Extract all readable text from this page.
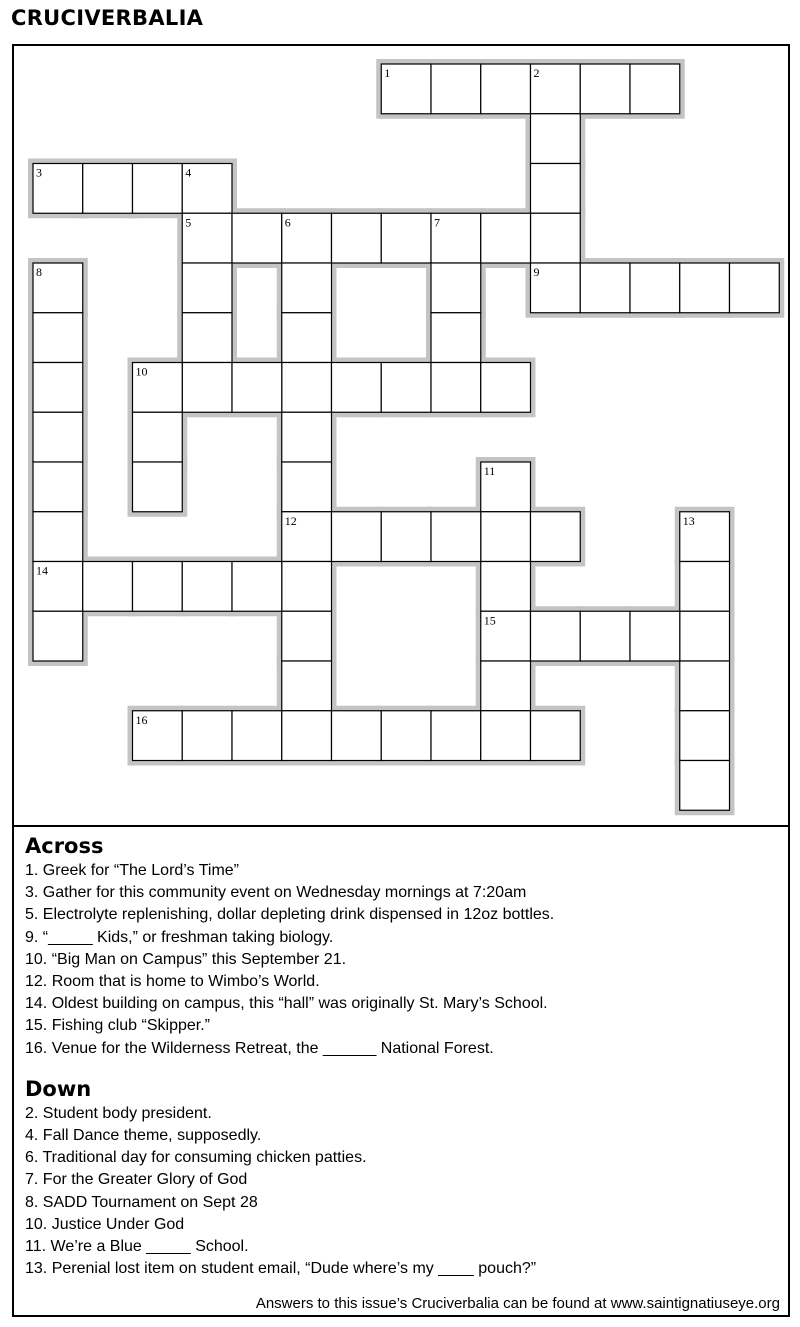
CRUCIVERBALIA
1	2
3	4
5	6	7
8	9
10
11
12	13
14
15
16
Across
1. Greek for “The Lord’s Time”
3. Gather for this community event on Wednesday mornings at 7:20am
5. Electrolyte replenishing, dollar depleting drink dispensed in 12oz bottles.
9. “_____ Kids,” or freshman taking biology.
10. “Big Man on Campus” this September 21.
12. Room that is home to Wimbo’s World.
14. Oldest building on campus, this “hall” was originally St. Mary’s School.
15. Fishing club “Skipper.”
16. Venue for the Wilderness Retreat, the ______ National Forest.
Down
2. Student body president.
4. Fall Dance theme, supposedly.
6. Traditional day for consuming chicken patties.
7. For the Greater Glory of God
8. SADD Tournament on Sept 28
10. Justice Under God
11. We’re a Blue _____ School.
13. Perenial lost item on student email, “Dude where’s my ____ pouch?”
Answers to this issue’s Cruciverbalia can be found at www.saintignatiuseye.org
